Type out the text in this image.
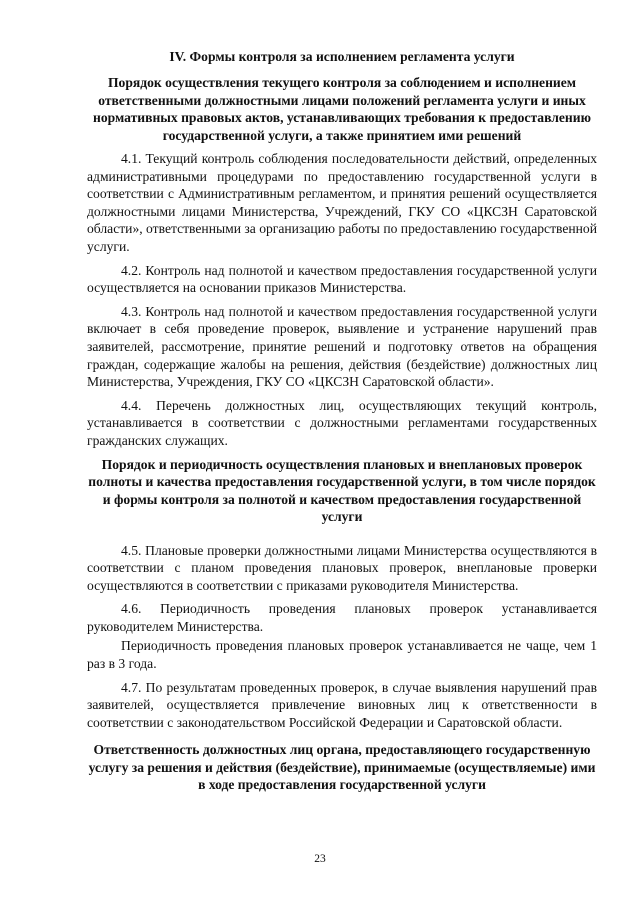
IV. Формы контроля за исполнением регламента услуги
Порядок осуществления текущего контроля за соблюдением и исполнением ответственными должностными лицами положений регламента услуги и иных нормативных правовых актов, устанавливающих требования к предоставлению государственной услуги, а также принятием ими решений

4.1. Текущий контроль соблюдения последовательности действий, определенных административными процедурами по предоставлению государственной услуги в соответствии с Административным регламентом, и принятия решений осуществляется должностными лицами Министерства, Учреждений, ГКУ СО «ЦКСЗН Саратовской области», ответственными за организацию работы по предоставлению государственной услуги.

4.2. Контроль над полнотой и качеством предоставления государственной услуги осуществляется на основании приказов Министерства.

4.3. Контроль над полнотой и качеством предоставления государственной услуги включает в себя проведение проверок, выявление и устранение нарушений прав заявителей, рассмотрение, принятие решений и подготовку ответов на обращения граждан, содержащие жалобы на решения, действия (бездействие) должностных лиц Министерства, Учреждения, ГКУ СО «ЦКСЗН Саратовской области».

4.4. Перечень должностных лиц, осуществляющих текущий контроль, устанавливается в соответствии с должностными регламентами государственных гражданских служащих.

Порядок и периодичность осуществления плановых и внеплановых проверок полноты и качества предоставления государственной услуги, в том числе порядок и формы контроля за полнотой и качеством предоставления государственной услуги

4.5. Плановые проверки должностными лицами Министерства осуществляются в соответствии с планом проведения плановых проверок, внеплановые проверки осуществляются в соответствии с приказами руководителя Министерства.

4.6. Периодичность проведения плановых проверок устанавливается руководителем Министерства.

Периодичность проведения плановых проверок устанавливается не чаще, чем 1 раз в 3 года.

4.7. По результатам проведенных проверок, в случае выявления нарушений прав заявителей, осуществляется привлечение виновных лиц к ответственности в соответствии с законодательством Российской Федерации и Саратовской области.

Ответственность должностных лиц органа, предоставляющего государственную услугу за решения и действия (бездействие), принимаемые (осуществляемые) ими в ходе предоставления государственной услуги
23
